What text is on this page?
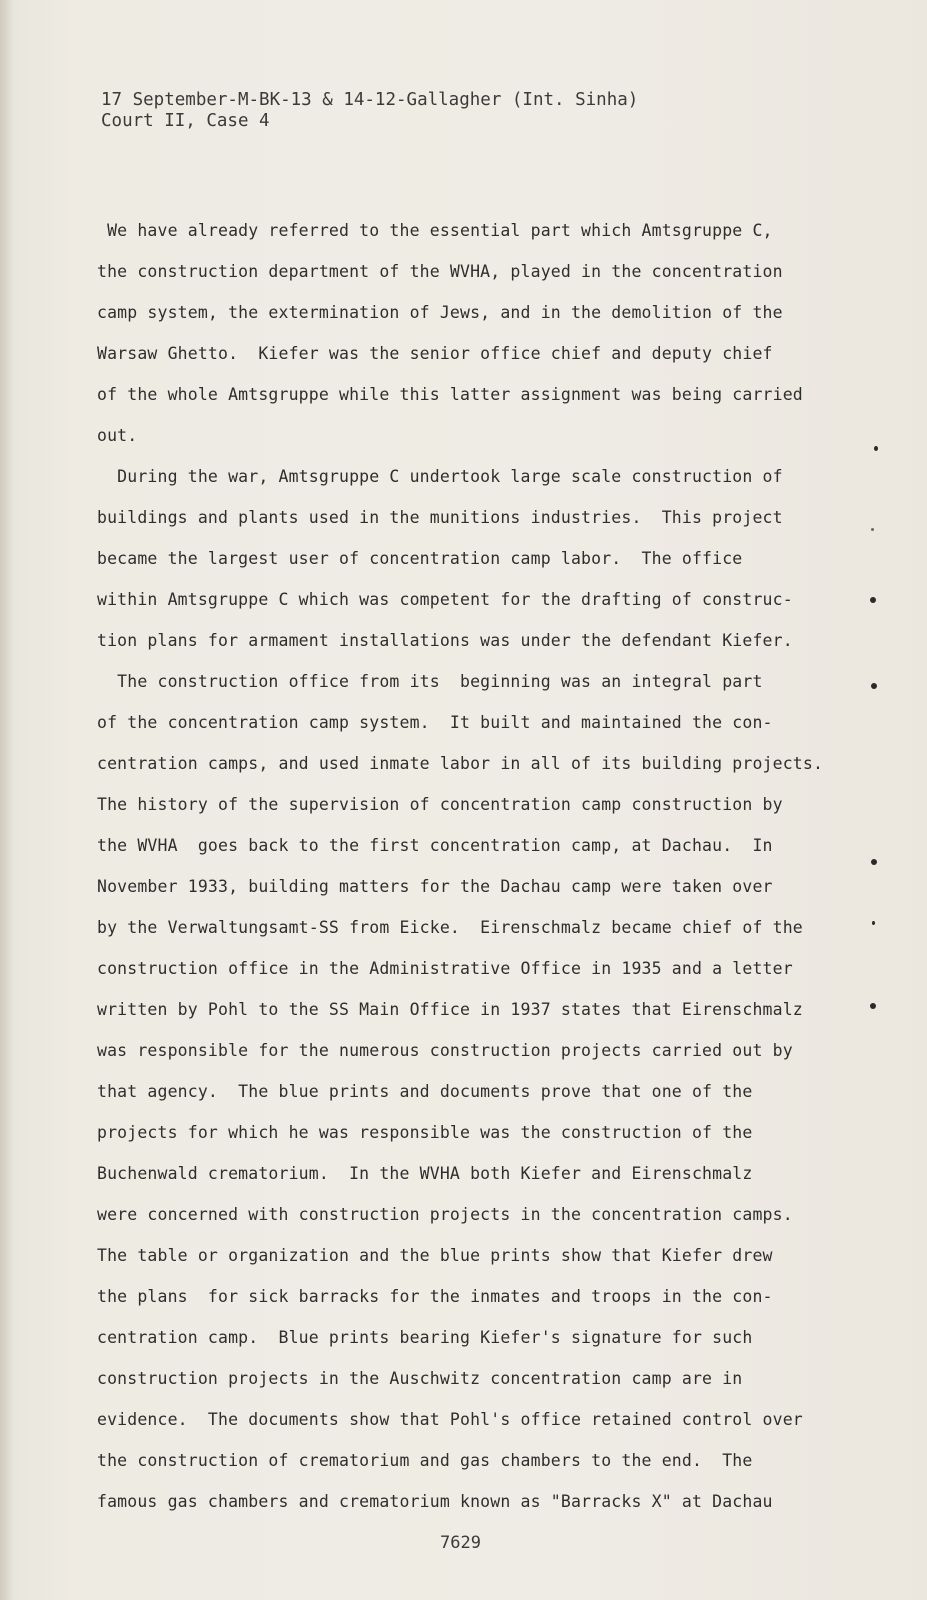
17 September-M-BK-13 & 14-12-Gallagher (Int. Sinha)
Court II, Case 4
We have already referred to the essential part which Amtsgruppe C,
the construction department of the WVHA, played in the concentration
camp system, the extermination of Jews, and in the demolition of the
Warsaw Ghetto.  Kiefer was the senior office chief and deputy chief
of the whole Amtsgruppe while this latter assignment was being carried
out.
During the war, Amtsgruppe C undertook large scale construction of
buildings and plants used in the munitions industries.  This project
became the largest user of concentration camp labor.  The office
within Amtsgruppe C which was competent for the drafting of construc-
tion plans for armament installations was under the defendant Kiefer.
The construction office from its  beginning was an integral part
of the concentration camp system.  It built and maintained the con-
centration camps, and used inmate labor in all of its building projects.
The history of the supervision of concentration camp construction by
the WVHA  goes back to the first concentration camp, at Dachau.  In
November 1933, building matters for the Dachau camp were taken over
by the Verwaltungsamt-SS from Eicke.  Eirenschmalz became chief of the
construction office in the Administrative Office in 1935 and a letter
written by Pohl to the SS Main Office in 1937 states that Eirenschmalz
was responsible for the numerous construction projects carried out by
that agency.  The blue prints and documents prove that one of the
projects for which he was responsible was the construction of the
Buchenwald crematorium.  In the WVHA both Kiefer and Eirenschmalz
were concerned with construction projects in the concentration camps.
The table or organization and the blue prints show that Kiefer drew
the plans  for sick barracks for the inmates and troops in the con-
centration camp.  Blue prints bearing Kiefer's signature for such
construction projects in the Auschwitz concentration camp are in
evidence.  The documents show that Pohl's office retained control over
the construction of crematorium and gas chambers to the end.  The
famous gas chambers and crematorium known as "Barracks X" at Dachau
7629
